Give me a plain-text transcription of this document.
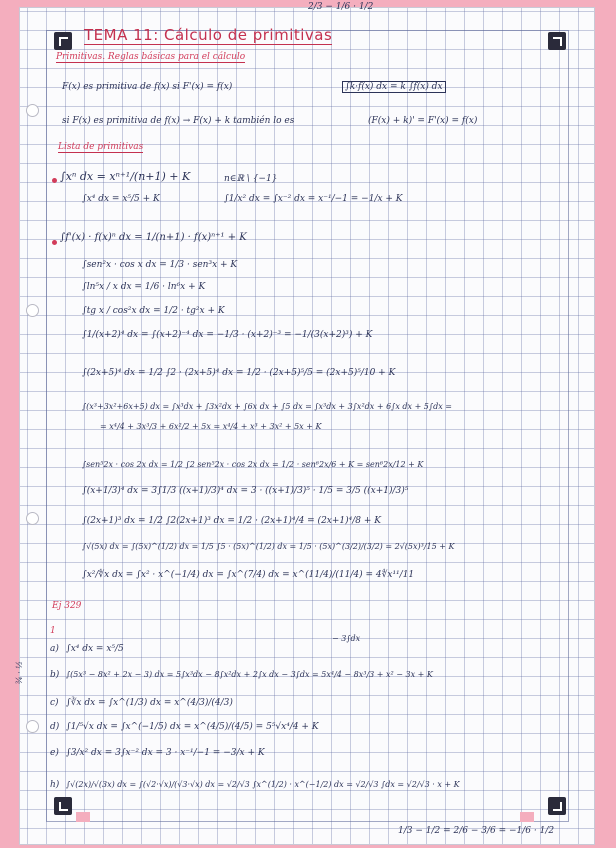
2/3 − 1/6 · 1/2
TEMA 11: Cálculo de primitivas
Primitivas. Reglas básicas para el cálculo
F(x) es primitiva de f(x) si F'(x) = f(x)	∫k·f(x) dx = k ∫f(x) dx
si F(x) es primitiva de f(x) → F(x) + k también lo es	(F(x) + k)' = F'(x) = f(x)
Lista de primitivas
∫xⁿ dx = xⁿ⁺¹/(n+1) + K	n∈ℝ \ {−1}
∫x⁴ dx = x⁵/5 + K	∫1/x² dx = ∫x⁻² dx = x⁻¹/−1 = −1/x + K
∫f'(x) · f(x)ⁿ dx = 1/(n+1) · f(x)ⁿ⁺¹ + K
∫sen²x · cos x dx = 1/3 · sen³x + K
∫ln⁵x / x dx = 1/6 · ln⁶x + K
∫tg x / cos²x dx = 1/2 · tg²x + K
∫1/(x+2)⁴ dx = ∫(x+2)⁻⁴ dx = −1/3 · (x+2)⁻³ = −1/(3(x+2)³) + K
∫(2x+5)⁴ dx = 1/2 ∫2 · (2x+5)⁴ dx = 1/2 · (2x+5)⁵/5 = (2x+5)⁵/10 + K
∫(x³+3x²+6x+5) dx = ∫x³dx + ∫3x²dx + ∫6x dx + ∫5 dx = ∫x³dx + 3∫x²dx + 6∫x dx + 5∫dx =
= x⁴/4 + 3x³/3 + 6x²/2 + 5x = x⁴/4 + x³ + 3x² + 5x + K
∫sen⁵2x · cos 2x dx = 1/2 ∫2 sen⁵2x · cos 2x dx = 1/2 · sen⁶2x/6 + K = sen⁶2x/12 + K
∫(x+1/3)⁴ dx = 3∫1/3 ((x+1)/3)⁴ dx = 3 · ((x+1)/3)⁵ · 1/5 = 3/5 ((x+1)/3)⁵
∫(2x+1)³ dx = 1/2 ∫2(2x+1)³ dx = 1/2 · (2x+1)⁴/4 = (2x+1)⁴/8 + K
∫√(5x) dx = ∫(5x)^(1/2) dx = 1/5 ∫5 · (5x)^(1/2) dx = 1/5 · (5x)^(3/2)/(3/2) = 2√(5x)³/15 + K
∫x²/∜x dx = ∫x² · x^(−1/4) dx = ∫x^(7/4) dx = x^(11/4)/(11/4) = 4∜x¹¹/11
Ej 329
1
− 3∫dx
a) ∫x⁴ dx = x⁵/5
b) ∫(5x³ − 8x² + 2x − 3) dx = 5∫x³dx − 8∫x²dx + 2∫x dx − 3∫dx = 5x⁴/4 − 8x³/3 + x² − 3x + K
c) ∫∛x dx = ∫x^(1/3) dx = x^(4/3)/(4/3)
d) ∫1/⁵√x dx = ∫x^(−1/5) dx = x^(4/5)/(4/5) = 5⁵√x⁴/4 + K
e) ∫3/x² dx = 3∫x⁻² dx = 3 · x⁻¹/−1 = −3/x + K
h) ∫√(2x)/√(3x) dx = ∫(√2·√x)/(√3·√x) dx = √2/√3 ∫x^(1/2) · x^(−1/2) dx = √2/√3 ∫dx = √2/√3 · x + K
¾ · ½
1/3 − 1/2 = 2/6 − 3/6 = −1/6 · 1/2
